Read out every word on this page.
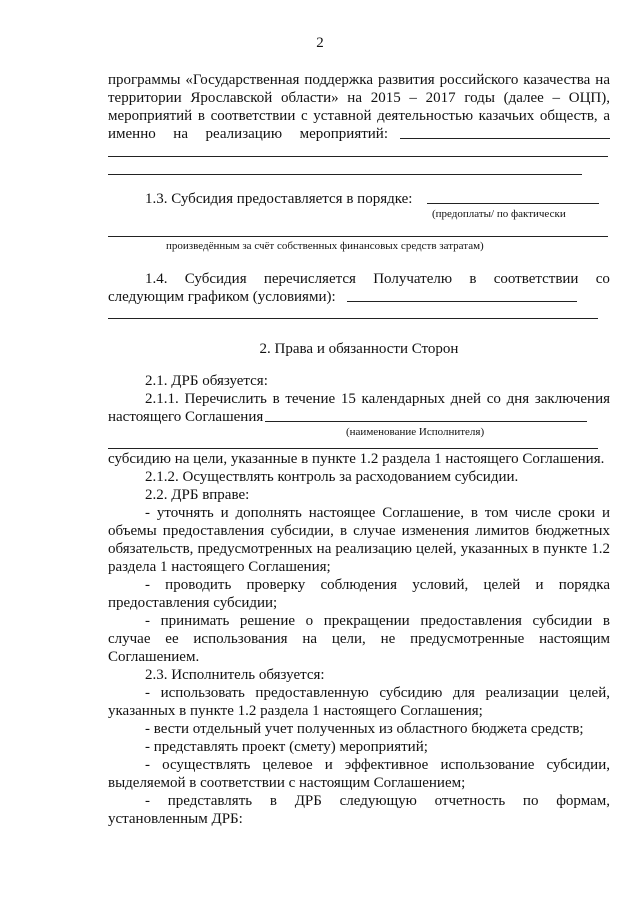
2
программы «Государственная поддержка развития российского казачества на
территории Ярославской области» на 2015 – 2017 годы (далее – ОЦП),
мероприятий в соответствии с уставной деятельностью казачьих обществ, а
именно на реализацию мероприятий:
1.3. Субсидия предоставляется в порядке:
(предоплаты/ по фактически
произведённым за счёт собственных финансовых средств затратам)
1.4. Субсидия перечисляется Получателю в соответствии со
следующим графиком (условиями):
2. Права и обязанности Сторон
2.1. ДРБ обязуется:
2.1.1. Перечислить в течение 15 календарных дней со дня заключения
настоящего Соглашения
(наименование Исполнителя)
субсидию на цели, указанные в пункте 1.2 раздела 1 настоящего Соглашения.
2.1.2. Осуществлять контроль за расходованием субсидии.
2.2. ДРБ вправе:
- уточнять и дополнять настоящее Соглашение, в том числе сроки и
объемы предоставления субсидии, в случае изменения лимитов бюджетных
обязательств, предусмотренных на реализацию целей, указанных в пункте 1.2
раздела 1 настоящего Соглашения;
- проводить проверку соблюдения условий, целей и порядка
предоставления субсидии;
- принимать решение о прекращении предоставления субсидии в
случае ее использования на цели, не предусмотренные настоящим
Соглашением.
2.3. Исполнитель обязуется:
- использовать предоставленную субсидию для реализации целей,
указанных в пункте 1.2 раздела 1 настоящего Соглашения;
- вести отдельный учет полученных из областного бюджета средств;
- представлять проект (смету) мероприятий;
- осуществлять целевое и эффективное использование субсидии,
выделяемой в соответствии с настоящим Соглашением;
- представлять в ДРБ следующую отчетность по формам,
установленным ДРБ:
